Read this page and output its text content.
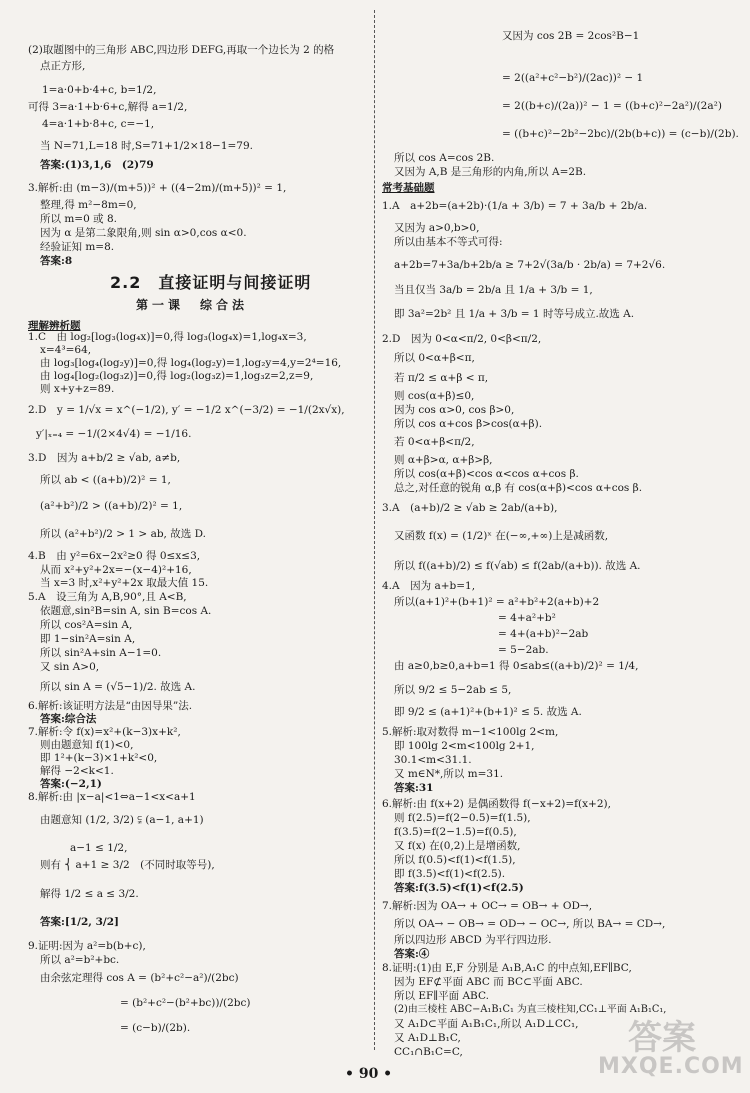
(2)取题图中的三角形 ABC,四边形 DEFG,再取一个边长为 2 的格
点正方形,
1=a·0+b·4+c, b=1/2,
可得 3=a·1+b·6+c,解得 a=1/2,
4=a·1+b·8+c, c=−1,
当 N=71,L=18 时,S=71+1/2×18−1=79.
答案:(1)3,1,6　(2)79
3.解析:由 (m−3)/(m+5))² + ((4−2m)/(m+5))² = 1,
整理,得 m²−8m=0,
所以 m=0 或 8.
因为 α 是第二象限角,则 sin α>0,cos α<0.
经验证知 m=8.
答案:8
2.2　直接证明与间接证明
第一课　综合法
理解辨析题
1.C　由 log₂[log₃(log₄x)]=0,得 log₃(log₄x)=1,log₄x=3,
x=4³=64,
由 log₃[log₄(log₂y)]=0,得 log₄(log₂y)=1,log₂y=4,y=2⁴=16,
由 log₄[log₂(log₃z)]=0,得 log₂(log₃z)=1,log₃z=2,z=9,
则 x+y+z=89.
2.D　y = 1/√x = x^(−1/2), y′ = −1/2 x^(−3/2) = −1/(2x√x),
y′|ₓ₌₄ = −1/(2×4√4) = −1/16.
3.D　因为 a+b/2 ≥ √ab, a≠b,
所以 ab < ((a+b)/2)² = 1,
(a²+b²)/2 > ((a+b)/2)² = 1,
所以 (a²+b²)/2 > 1 > ab, 故选 D.
4.B　由 y²=6x−2x²≥0 得 0≤x≤3,
从而 x²+y²+2x=−(x−4)²+16,
当 x=3 时,x²+y²+2x 取最大值 15.
5.A　设三角为 A,B,90°,且 A<B,
依题意,sin²B=sin A, sin B=cos A.
所以 cos²A=sin A,
即 1−sin²A=sin A,
所以 sin²A+sin A−1=0.
又 sin A>0,
所以 sin A = (√5−1)/2. 故选 A.
6.解析:该证明方法是“由因导果”法.
答案:综合法
7.解析:令 f(x)=x²+(k−3)x+k²,
则由题意知 f(1)<0,
即 1²+(k−3)×1+k²<0,
解得 −2<k<1.
答案:(−2,1)
8.解析:由 |x−a|<1⇔a−1<x<a+1
由题意知 (1/2, 3/2) ⫋ (a−1, a+1)
a−1 ≤ 1/2,
则有 ⎨ a+1 ≥ 3/2　(不同时取等号),
解得 1/2 ≤ a ≤ 3/2.
答案:[1/2, 3/2]
9.证明:因为 a²=b(b+c),
所以 a²=b²+bc.
由余弦定理得 cos A = (b²+c²−a²)/(2bc)
= (b²+c²−(b²+bc))/(2bc)
= (c−b)/(2b).
又因为 cos 2B = 2cos²B−1
= 2((a²+c²−b²)/(2ac))² − 1
= 2((b+c)/(2a))² − 1 = ((b+c)²−2a²)/(2a²)
= ((b+c)²−2b²−2bc)/(2b(b+c)) = (c−b)/(2b).
所以 cos A=cos 2B.
又因为 A,B 是三角形的内角,所以 A=2B.
常考基础题
1.A　a+2b=(a+2b)·(1/a + 3/b) = 7 + 3a/b + 2b/a.
又因为 a>0,b>0,
所以由基本不等式可得:
a+2b=7+3a/b+2b/a ≥ 7+2√(3a/b · 2b/a) = 7+2√6.
当且仅当 3a/b = 2b/a 且 1/a + 3/b = 1,
即 3a²=2b² 且 1/a + 3/b = 1 时等号成立.故选 A.
2.D　因为 0<α<π/2, 0<β<π/2,
所以 0<α+β<π,
若 π/2 ≤ α+β < π,
则 cos(α+β)≤0,
因为 cos α>0, cos β>0,
所以 cos α+cos β>cos(α+β).
若 0<α+β<π/2,
则 α+β>α, α+β>β,
所以 cos(α+β)<cos α<cos α+cos β.
总之,对任意的锐角 α,β 有 cos(α+β)<cos α+cos β.
3.A　(a+b)/2 ≥ √ab ≥ 2ab/(a+b),
又函数 f(x) = (1/2)ˣ 在(−∞,+∞)上是减函数,
所以 f((a+b)/2) ≤ f(√ab) ≤ f(2ab/(a+b)). 故选 A.
4.A　因为 a+b=1,
所以(a+1)²+(b+1)² = a²+b²+2(a+b)+2
= 4+a²+b²
= 4+(a+b)²−2ab
= 5−2ab.
由 a≥0,b≥0,a+b=1 得 0≤ab≤((a+b)/2)² = 1/4,
所以 9/2 ≤ 5−2ab ≤ 5,
即 9/2 ≤ (a+1)²+(b+1)² ≤ 5. 故选 A.
5.解析:取对数得 m−1<100lg 2<m,
即 100lg 2<m<100lg 2+1,
30.1<m<31.1.
又 m∈N*,所以 m=31.
答案:31
6.解析:由 f(x+2) 是偶函数得 f(−x+2)=f(x+2),
则 f(2.5)=f(2−0.5)=f(1.5),
f(3.5)=f(2−1.5)=f(0.5),
又 f(x) 在(0,2)上是增函数,
所以 f(0.5)<f(1)<f(1.5),
即 f(3.5)<f(1)<f(2.5).
答案:f(3.5)<f(1)<f(2.5)
7.解析:因为 OA→ + OC→ = OB→ + OD→,
所以 OA→ − OB→ = OD→ − OC→, 所以 BA→ = CD→,
所以四边形 ABCD 为平行四边形.
答案:④
8.证明:(1)由 E,F 分别是 A₁B,A₁C 的中点知,EF∥BC,
因为 EF⊄平面 ABC 而 BC⊂平面 ABC.
所以 EF∥平面 ABC.
(2)由三棱柱 ABC−A₁B₁C₁ 为直三棱柱知,CC₁⊥平面 A₁B₁C₁,
又 A₁D⊂平面 A₁B₁C₁,所以 A₁D⊥CC₁,
又 A₁D⊥B₁C,
CC₁∩B₁C=C,
• 90 •
答案
MXQE.COM
